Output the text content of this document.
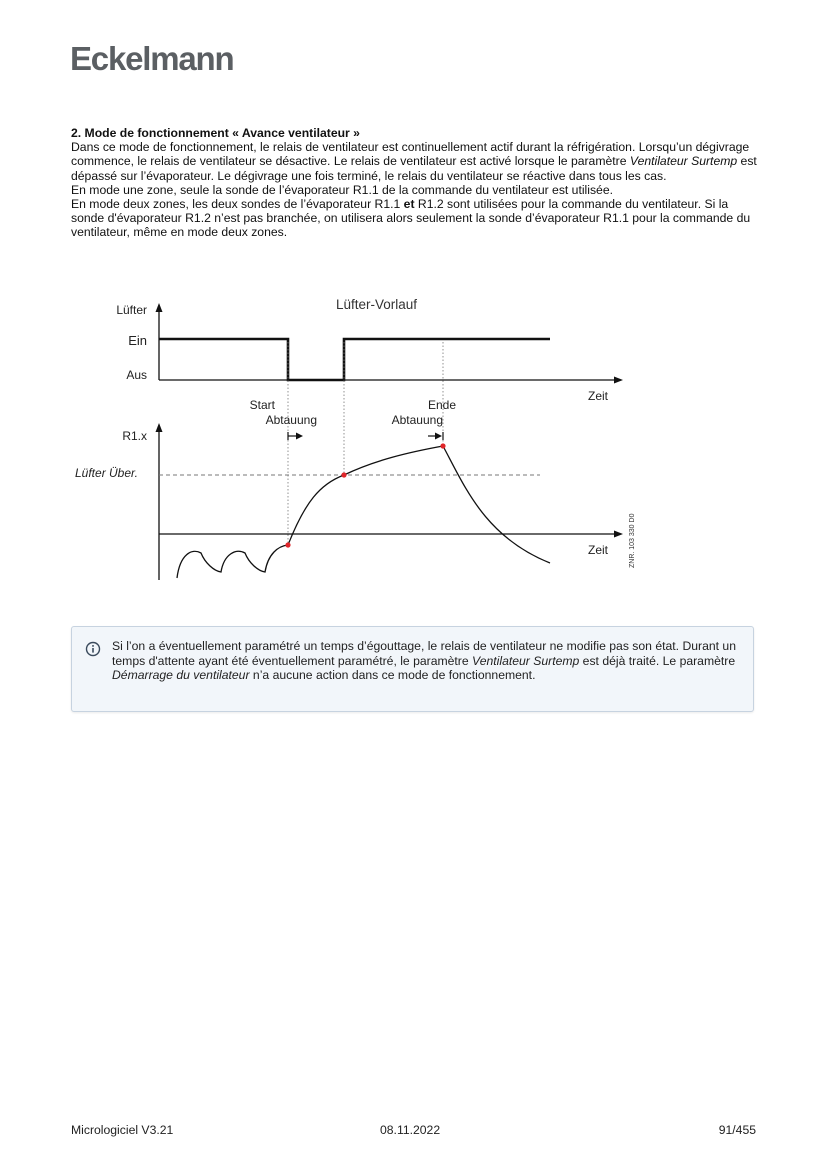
Eckelmann
2. Mode de fonctionnement « Avance ventilateur »

Dans ce mode de fonctionnement, le relais de ventilateur est continuellement actif durant la réfrigération. Lorsqu’un dégivrage commence, le relais de ventilateur se désactive. Le relais de ventilateur est activé lorsque le paramètre Ventilateur Surtemp est dépassé sur l’évaporateur. Le dégivrage une fois terminé, le relais du ventilateur se réactive dans tous les cas.

En mode une zone, seule la sonde de l’évaporateur R1.1 de la commande du ventilateur est utilisée.

En mode deux zones, les deux sondes de l’évaporateur R1.1 et R1.2 sont utilisées pour la commande du ventilateur. Si la sonde d'évaporateur R1.2 n’est pas branchée, on utilisera alors seulement la sonde d’évaporateur R1.1 pour la commande du ventilateur, même en mode deux zones.

Lüfter-Vorlauf
Lüfter
Ein
Aus
Zeit
Start
Abtauung
Ende
Abtauung
R1.x
Lüfter Über.
Zeit	ZNR. 103 330 D0
Si l’on a éventuellement paramétré un temps d’égouttage, le relais de ventilateur ne modifie pas son état. Durant un temps d'attente ayant été éventuellement paramétré, le paramètre Ventilateur Surtemp est déjà traité. Le paramètre Démarrage du ventilateur n’a aucune action dans ce mode de fonctionnement.
Micrologiciel V3.21	08.11.2022	91/455
